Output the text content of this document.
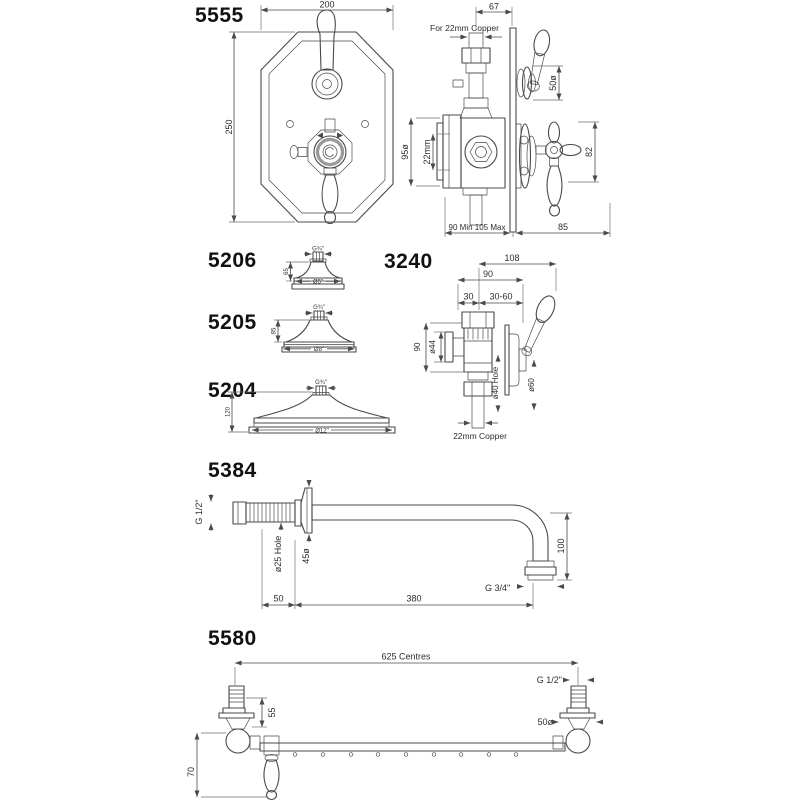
5555	200
250
For 22mm Copper
67
50ø
82
95ø 22mm
90 Min 105 Max	85
5206	G¾"
65
Ø5"
5205
G¾"
85
Ø8"
5204	G¾"
120
Ø12"
3240	108
90
30 30-60
ø44
90
ø40 Hole	ø60
22mm Copper
5384
G 1/2"
ø25 Hole 45ø
100
G 3/4"
50	380
5580
625 Centres
G 1/2"
50ø
55
70
